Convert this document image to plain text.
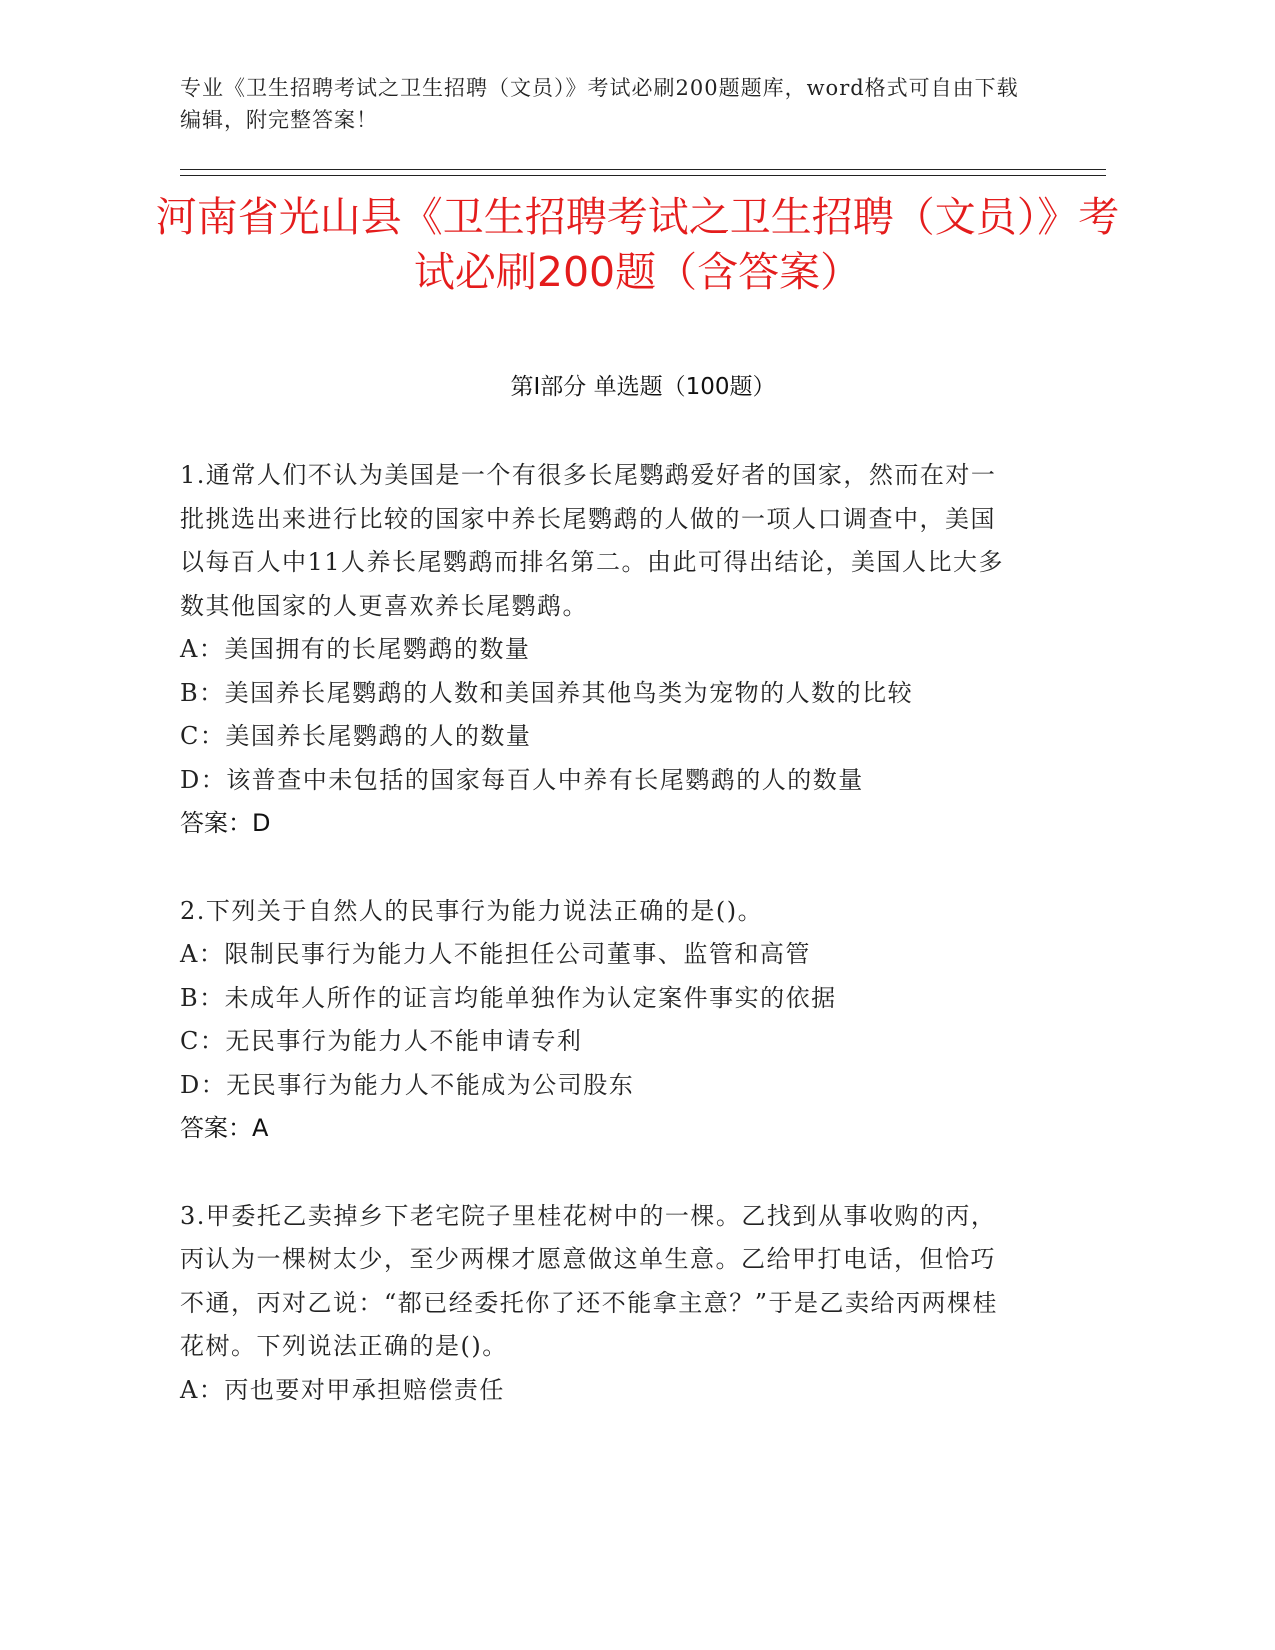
专业《卫生招聘考试之卫生招聘（文员）》考试必刷200题题库，word格式可自由下载编辑，附完整答案！
河南省光山县《卫生招聘考试之卫生招聘（文员）》考试必刷200题（含答案）
第Ⅰ部分 单选题（100题）

1.通常人们不认为美国是一个有很多长尾鹦鹉爱好者的国家，然而在对一批挑选出来进行比较的国家中养长尾鹦鹉的人做的一项人口调查中，美国以每百人中11人养长尾鹦鹉而排名第二。由此可得出结论，美国人比大多数其他国家的人更喜欢养长尾鹦鹉。

A：美国拥有的长尾鹦鹉的数量

B：美国养长尾鹦鹉的人数和美国养其他鸟类为宠物的人数的比较

C：美国养长尾鹦鹉的人的数量

D：该普查中未包括的国家每百人中养有长尾鹦鹉的人的数量

答案：D

2.下列关于自然人的民事行为能力说法正确的是()。

A：限制民事行为能力人不能担任公司董事、监管和高管

B：未成年人所作的证言均能单独作为认定案件事实的依据

C：无民事行为能力人不能申请专利

D：无民事行为能力人不能成为公司股东

答案：A

3.甲委托乙卖掉乡下老宅院子里桂花树中的一棵。乙找到从事收购的丙，丙认为一棵树太少，至少两棵才愿意做这单生意。乙给甲打电话，但恰巧不通，丙对乙说：“都已经委托你了还不能拿主意？”于是乙卖给丙两棵桂花树。下列说法正确的是()。

A：丙也要对甲承担赔偿责任
